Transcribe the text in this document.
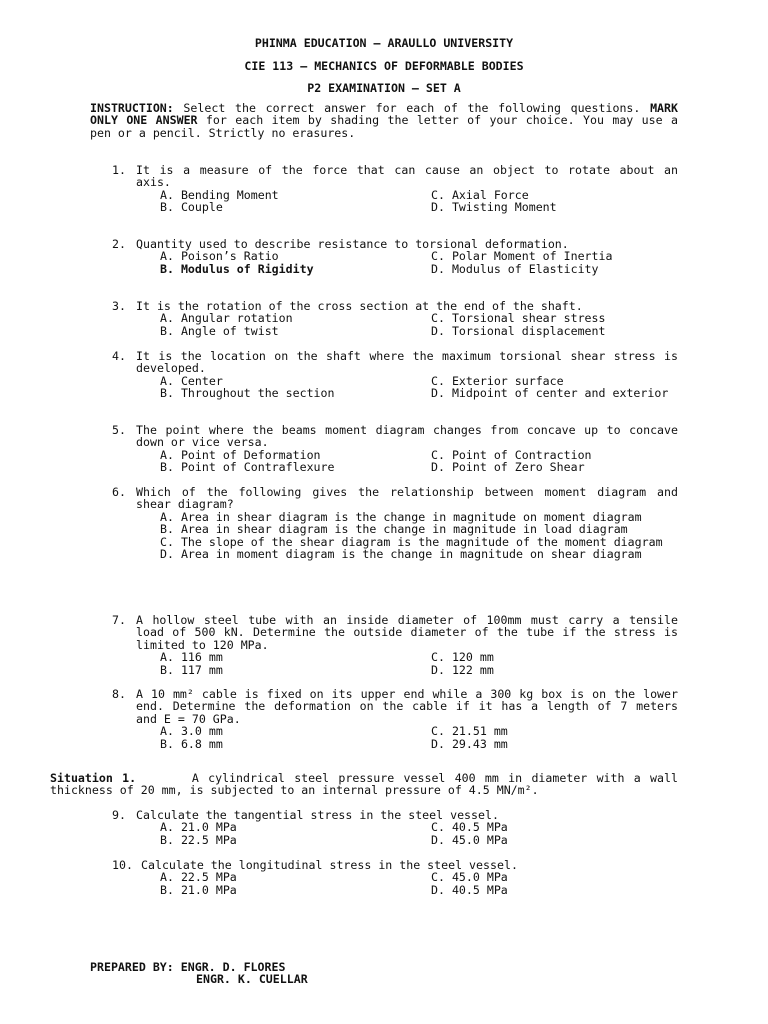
PHINMA EDUCATION – ARAULLO UNIVERSITY
CIE 113 – MECHANICS OF DEFORMABLE BODIES
P2 EXAMINATION – SET A
INSTRUCTION: Select the correct answer for each of the following questions. MARK ONLY ONE ANSWER for each item by shading the letter of your choice. You may use a pen or a pencil. Strictly no erasures.
1. It is a measure of the force that can cause an object to rotate about an axis.
A. Bending Moment	C. Axial Force
B. Couple	D. Twisting Moment
2. Quantity used to describe resistance to torsional deformation.
A. Poison’s Ratio	C. Polar Moment of Inertia
B. Modulus of Rigidity	D. Modulus of Elasticity
3. It is the rotation of the cross section at the end of the shaft.
A. Angular rotation	C. Torsional shear stress
B. Angle of twist	D. Torsional displacement
4. It is the location on the shaft where the maximum torsional shear stress is developed.
A. Center	C. Exterior surface
B. Throughout the section	D. Midpoint of center and exterior
5. The point where the beams moment diagram changes from concave up to concave down or vice versa.
A. Point of Deformation	C. Point of Contraction
B. Point of Contraflexure	D. Point of Zero Shear
6. Which of the following gives the relationship between moment diagram and shear diagram?
A. Area in shear diagram is the change in magnitude on moment diagram
B. Area in shear diagram is the change in magnitude in load diagram
C. The slope of the shear diagram is the magnitude of the moment diagram
D. Area in moment diagram is the change in magnitude on shear diagram
7. A hollow steel tube with an inside diameter of 100mm must carry a tensile load of 500 kN. Determine the outside diameter of the tube if the stress is limited to 120 MPa.
A. 116 mm	C. 120 mm
B. 117 mm	D. 122 mm
8. A 10 mm² cable is fixed on its upper end while a 300 kg box is on the lower end. Determine the deformation on the cable if it has a length of 7 meters and E = 70 GPa.
A. 3.0 mm	C. 21.51 mm
B. 6.8 mm	D. 29.43 mm
Situation 1.	A cylindrical steel pressure vessel 400 mm in diameter with a wall thickness of 20 mm, is subjected to an internal pressure of 4.5 MN/m².
9. Calculate the tangential stress in the steel vessel.
A. 21.0 MPa	C. 40.5 MPa
B. 22.5 MPa	D. 45.0 MPa
10. Calculate the longitudinal stress in the steel vessel.
A. 22.5 MPa	C. 45.0 MPa
B. 21.0 MPa	D. 40.5 MPa
PREPARED BY: ENGR. D. FLORES
ENGR. K. CUELLAR
